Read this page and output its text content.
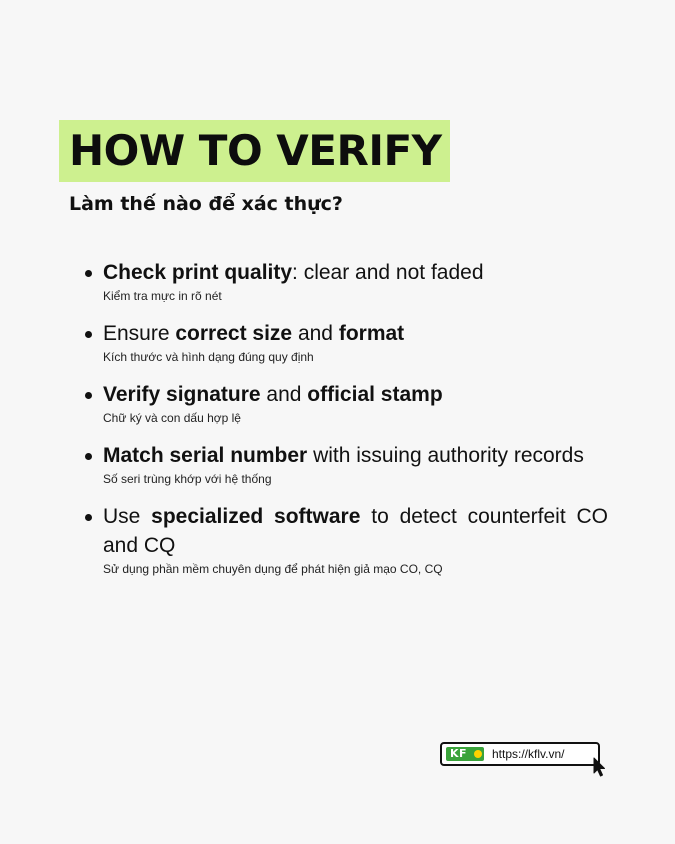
HOW TO VERIFY
Làm thế nào để xác thực?
Check print quality: clear and not faded
Kiểm tra mực in rõ nét
Ensure correct size and format
Kích thước và hình dạng đúng quy định
Verify signature and official stamp
Chữ ký và con dấu hợp lệ
Match serial number with issuing authority records
Số seri trùng khớp với hệ thống
Use specialized software to detect counterfeit CO and CQ
Sử dụng phần mềm chuyên dụng để phát hiện giả mạo CO, CQ
KF	https://kflv.vn/
